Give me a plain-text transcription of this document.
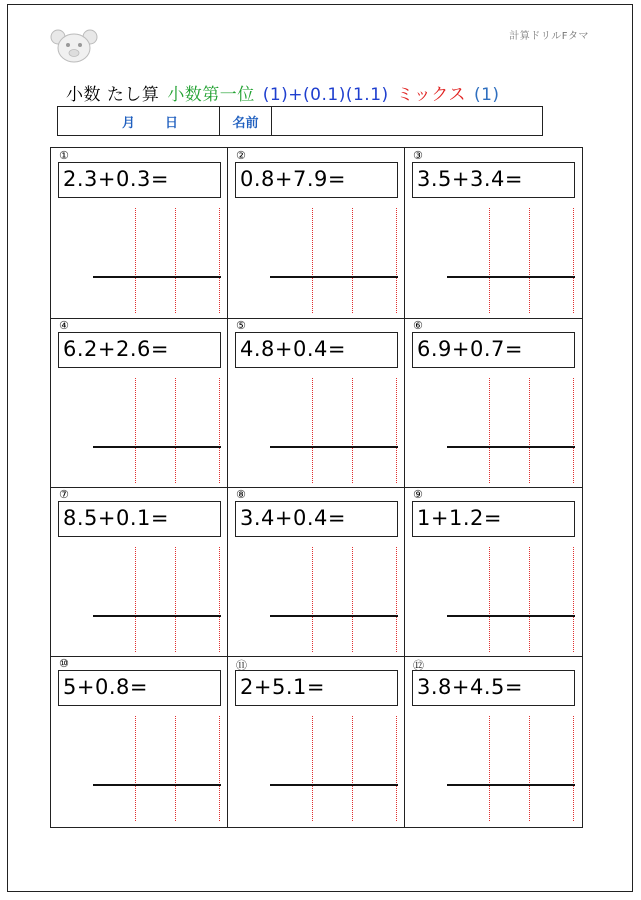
計算ドリルFタマ
小数 たし算 小数第一位 (1)+(0.1)(1.1) ミックス (1)
月 日	名前
①
2.3+0.3=
②
0.8+7.9=
③
3.5+3.4=
④
6.2+2.6=
⑤
4.8+0.4=
⑥
6.9+0.7=
⑦
8.5+0.1=
⑧
3.4+0.4=
⑨
1+1.2=
⑩
5+0.8=
⑪
2+5.1=
⑫
3.8+4.5=
